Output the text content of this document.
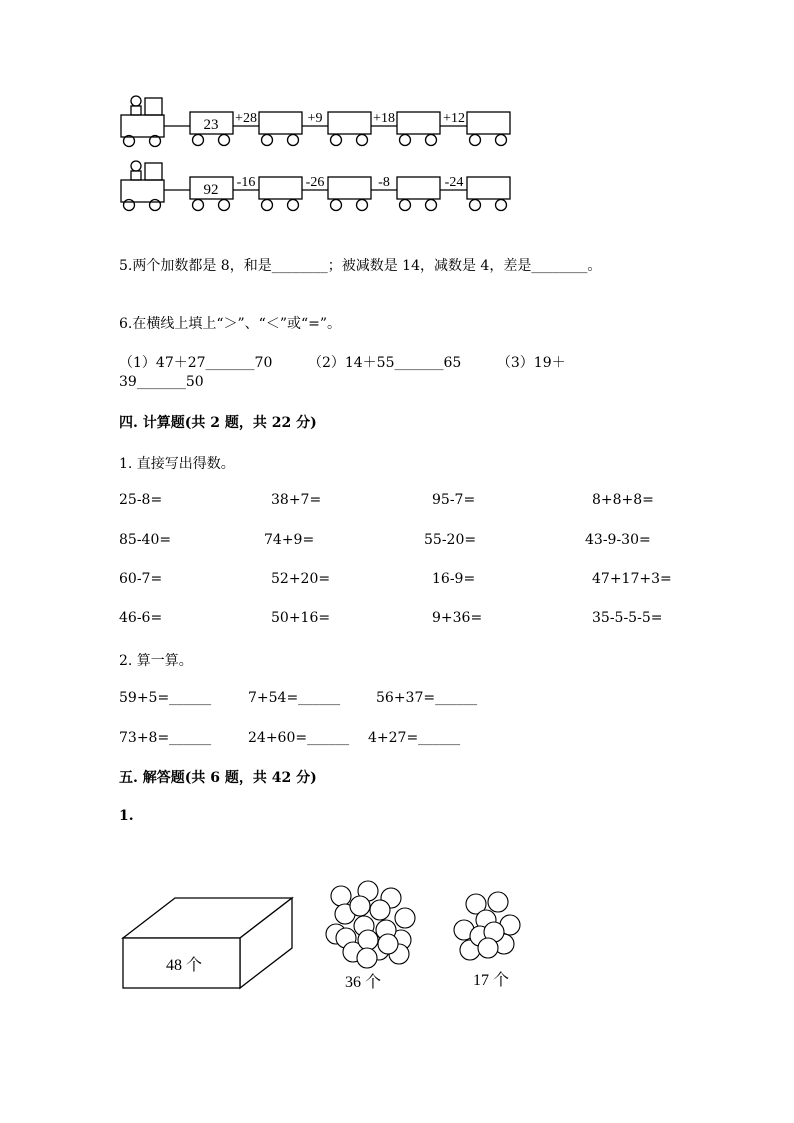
23 +28	+9	+18	+12
92 -16	-26	-8	-24
5.两个加数都是 8，和是________；被减数是 14，减数是 4，差是________。
6.在横线上填上“＞”、“＜”或“=”。
（1）47＋27_______70        （2）14＋55_______65        （3）19＋
39_______50
四. 计算题(共 2 题，共 22 分)
1. 直接写出得数。
25-8=	38+7=	95-7=	8+8+8=
85-40=	74+9=	55-20=	43-9-30=
60-7=	52+20=	16-9=	47+17+3=
46-6=	50+16=	9+36=	35-5-5-5=
2. 算一算。
59+5=______	7+54=______	56+37=______
73+8=______	24+60=______ 4+27=______
五. 解答题(共 6 题，共 42 分)
1.
48 个
36 个	17 个
